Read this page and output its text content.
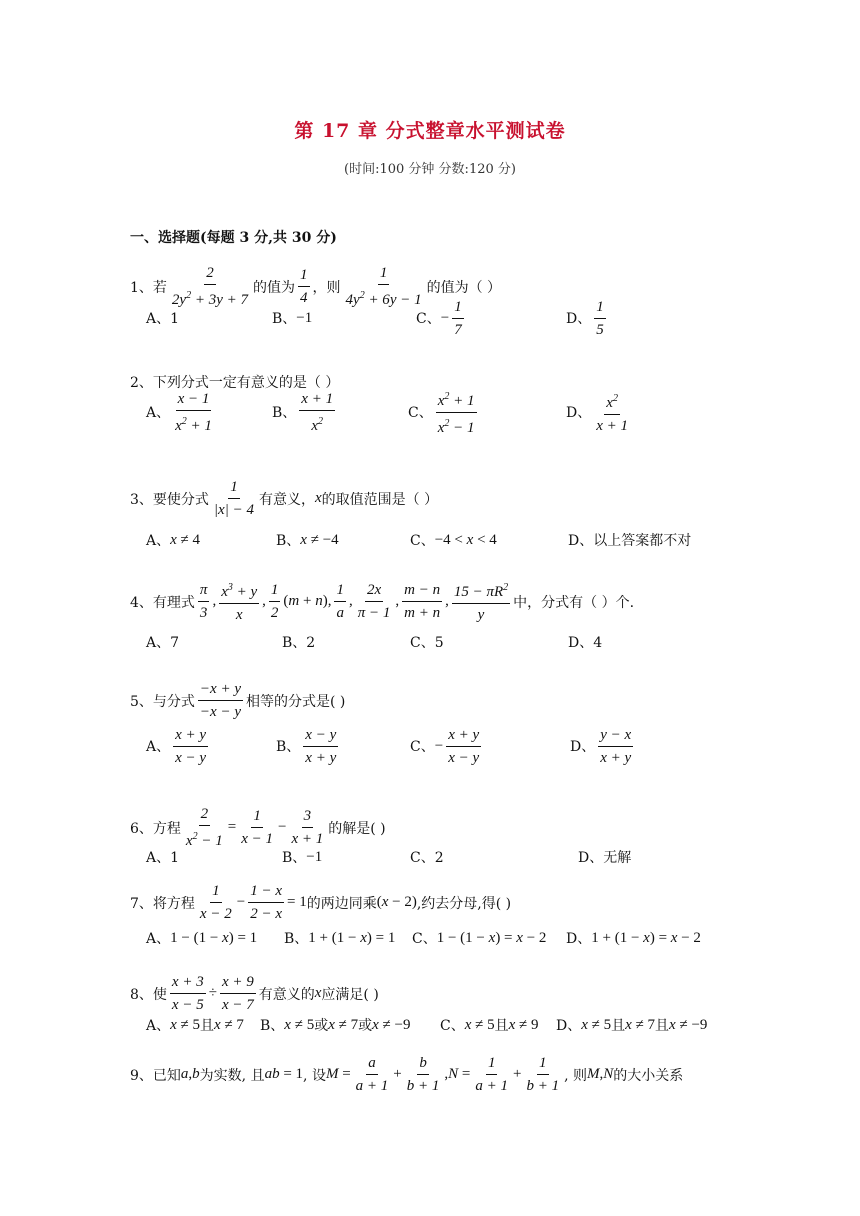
第 17 章 分式整章水平测试卷
(时间:100 分钟 分数:120 分)
一、选择题(每题 3 分,共 30 分)
1、若 $\frac{2}{2y^2 + 3y + 7}$ 的值为 $\frac{1}{4}$ ，则 $\frac{1}{4y^2 + 6y - 1}$ 的值为（ ）
A、1	B、 −1	C、 − $\frac{1}{7}$	D、 $\frac{1}{5}$
2、下列分式一定有意义的是（ ）
A、 $\frac{x - 1}{x^2 + 1}$	B、 $\frac{x + 1}{x^2}$	C、 $\frac{x^2 + 1}{x^2 - 1}$	D、 $\frac{x^2}{x + 1}$
3、要使分式 $\frac{1}{|x| - 4}$ 有意义， x 的取值范围是（ ）
A、 x ≠ 4	B、 x ≠ −4	C、 −4 < x < 4	D、以上答案都不对
4、有理式 $\frac{\pi}{3}$ , $\frac{x^3 + y}{x}$ , $\frac{1}{2}$ ( m + n ), $\frac{1}{a}$ , $\frac{2x}{\pi - 1}$ , $\frac{m - n}{m + n}$ , $\frac{15 - \pi R^2}{y}$ 中，分式有（ ）个.
A、7	B、2	C、5	D、4
5、与分式 $\frac{-x + y}{-x - y}$ 相等的分式是( )
A、 $\frac{x + y}{x - y}$	B、 $\frac{x - y}{x + y}$	C、 − $\frac{x + y}{x - y}$	D、 $\frac{y - x}{x + y}$
6、方程 $\frac{2}{x^2 - 1} = \frac{1}{x - 1} - \frac{3}{x + 1}$ 的解是( )
A、1	B、 −1	C、2	D、无解
7、将方程 $\frac{1}{x - 2} - \frac{1 - x}{2 - x} = 1$ 的两边同乘 ( x − 2) ,约去分母,得( )
A、 1 − (1 − x ) = 1 B、 1 + (1 − x ) = 1 C、 1 − (1 − x ) = x − 2 D、 1 + (1 − x ) = x − 2
8、使 $\frac{x + 3}{x - 5} \div \frac{x + 9}{x - 7}$ 有意义的 x 应满足( )
A、 x ≠ 5 且 x ≠ 7 B、 x ≠ 5 或 x ≠ 7 或 x ≠ −9 C、 x ≠ 5 且 x ≠ 9 D、 x ≠ 5 且 x ≠ 7 且 x ≠ −9
9、已知 a , b 为实数, 且 ab = 1 , 设 $M = \frac{a}{a + 1} + \frac{b}{b + 1}$ , $N = \frac{1}{a + 1} + \frac{1}{b + 1}$ , 则 M , N 的大小关系
